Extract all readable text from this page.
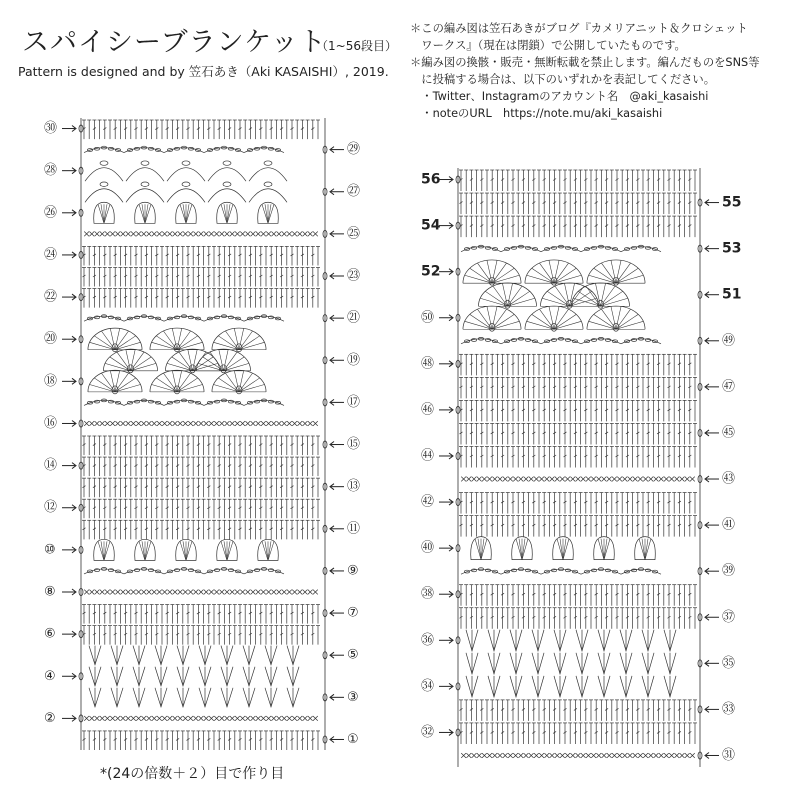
スパイシーブランケット
（1~56段目）
Pattern is designed and by 笠石あき（Aki KASAISHI）, 2019.
＊この編み図は笠石あきがブログ『カメリアニット＆クロシェット
　ワークス』（現在は閉鎖）で公開していたものです。
＊編み図の換骸・販売・無断転載を禁止します。編んだものをSNS等
　に投稿する場合は、以下のいずれかを表記してください。
　・Twitter、Instagramのアカウント名　@aki_kasaishi
　・noteのURL　https://note.mu/aki_kasaishi
㉚
㉙
㉘
㉗
㉖
㉕
㉔
㉓
㉒
㉑
⑳
⑲
⑱
⑰
⑯
⑮
⑭
⑬
⑫
⑪
⑩
⑨
⑧
⑦
⑥
⑤
④
③
②
①
56
55
54
53
52
51
㊿
㊾
㊽
㊼
㊻
㊺
㊹
㊸
㊷
㊶
㊵
㊴
㊳
㊲
㊱
㉟
㉞
㉝
㉜
㉛
*(24の倍数＋２）目で作り目
